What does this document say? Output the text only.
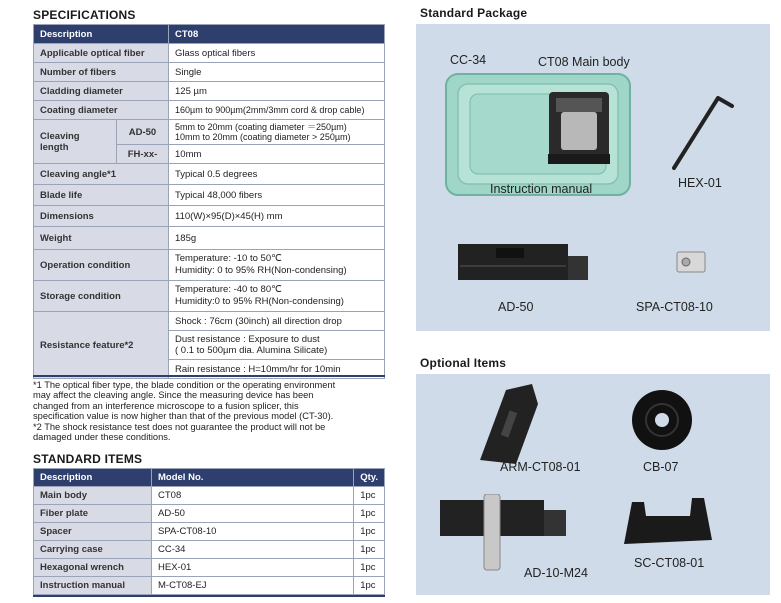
SPECIFICATIONS
Description		CT08
Applicable optical fiber		Glass optical fibers
Number of fibers		Single
Cladding diameter		125 µm
Coating diameter		160µm to 900µm(2mm/3mm cord & drop cable)
Cleaving length	AD-50	5mm to 20mm (coating diameter ＝250µm)
10mm to 20mm (coating diameter > 250µm)

	FH-xx-	10mm
Cleaving angle*1		Typical 0.5 degrees
Blade life		Typical 48,000 fibers
Dimensions		110(W)×95(D)×45(H) mm
Weight		185g
Operation condition		Temperature: -10 to 50℃
Humidity: 0 to 95% RH(Non-condensing)

Storage condition		Temperature: -40 to 80℃
Humidity:0 to 95% RH(Non-condensing)

Resistance feature*2		Shock : 76cm (30inch) all direction drop

		Dust resistance : Exposure to dust
( 0.1 to 500µm dia. Alumina Silicate)

		Rain resistance : H=10mm/hr for 10min
*1 The optical fiber type, the blade condition or the operating environment
may affect the cleaving angle. Since the measuring device has been
changed from an interference microscope to a fusion splicer, this
specification value is now higher than that of the previous model (CT-30).
*2 The shock resistance test does not guarantee the product will not be
damaged under these conditions.
STANDARD ITEMS
Description	Model No.	Qty.
Main body	CT08	1pc
Fiber plate	AD-50	1pc
Spacer	SPA-CT08-10	1pc
Carrying case	CC-34	1pc
Hexagonal wrench	HEX-01	1pc
Instruction manual	M-CT08-EJ	1pc
Standard Package
CC-34	CT08 Main body
Instruction manual	HEX-01
AD-50	SPA-CT08-10
Optional Items
ARM-CT08-01	CB-07
AD-10-M24
SC-CT08-01
